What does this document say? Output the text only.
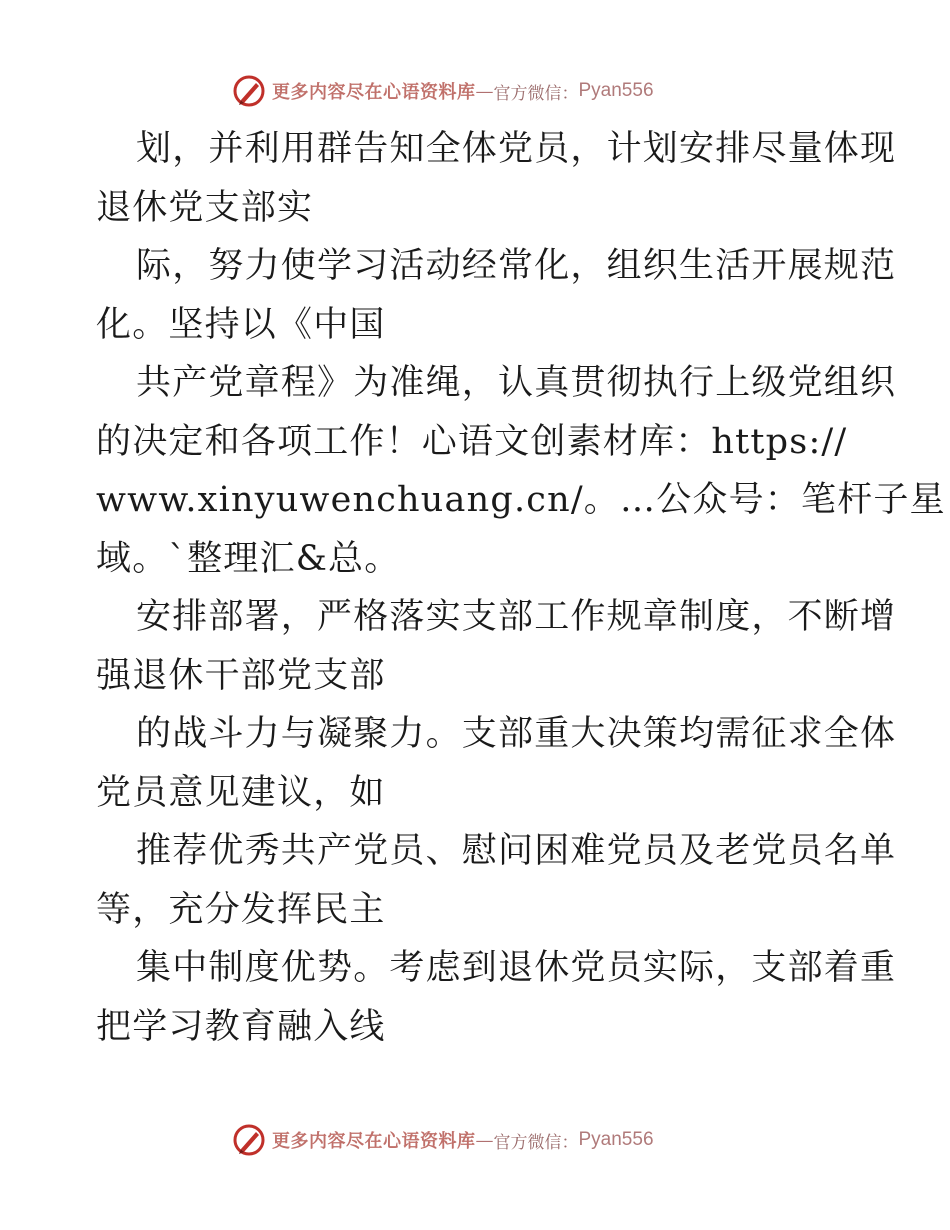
更多内容尽在心语资料库 — 官方微信： Pyan556
划，并利用群告知全体党员，计划安排尽量体现
退休党支部实
际，努力使学习活动经常化，组织生活开展规范
化。坚持以《中国
共产党章程》为准绳，认真贯彻执行上级党组织
的决定和各项工作！心语文创素材库：https://
www.xinyuwenchuang.cn/。…公众号：笔杆子星
域。`整理汇&总。
安排部署，严格落实支部工作规章制度，不断增
强退休干部党支部
的战斗力与凝聚力。支部重大决策均需征求全体
党员意见建议，如
推荐优秀共产党员、慰问困难党员及老党员名单
等，充分发挥民主
集中制度优势。考虑到退休党员实际，支部着重
把学习教育融入线
更多内容尽在心语资料库 — 官方微信： Pyan556
